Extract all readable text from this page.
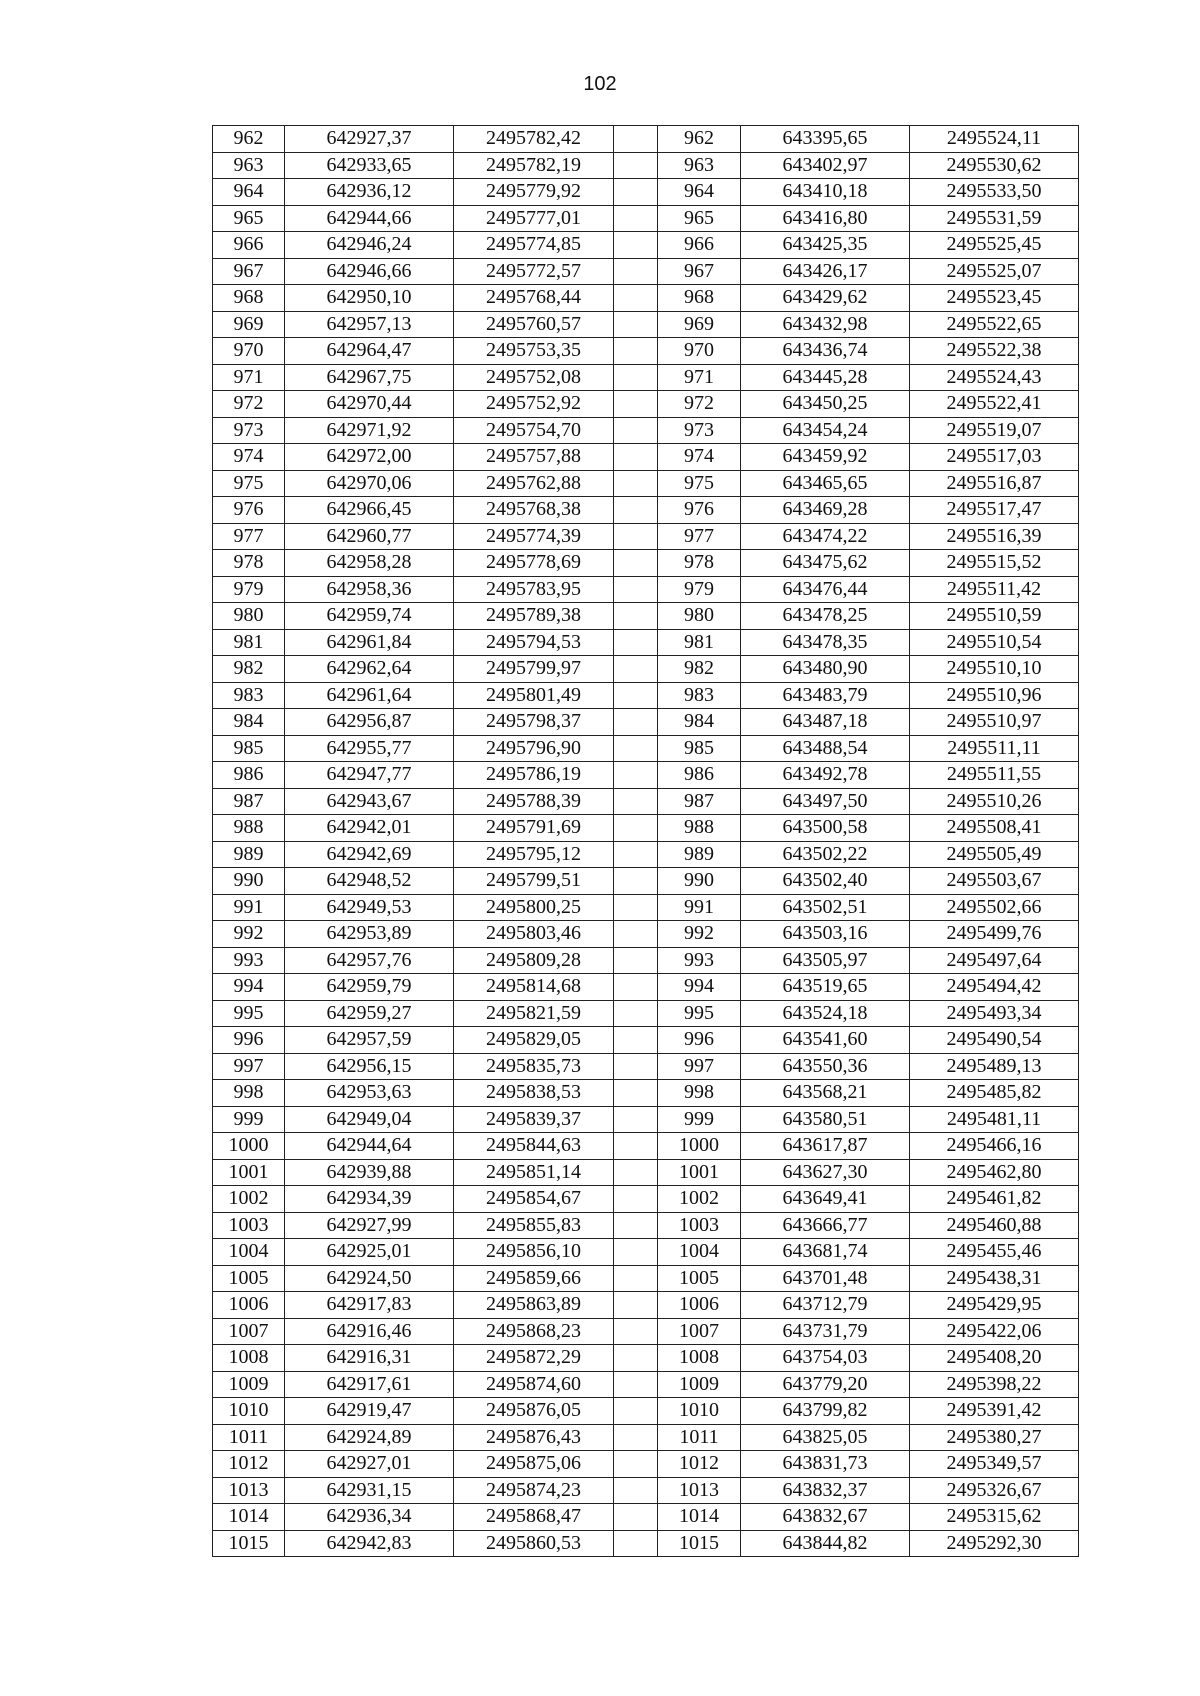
102
962	642927,37	2495782,42		962	643395,65	2495524,11
963	642933,65	2495782,19		963	643402,97	2495530,62
964	642936,12	2495779,92		964	643410,18	2495533,50
965	642944,66	2495777,01		965	643416,80	2495531,59
966	642946,24	2495774,85		966	643425,35	2495525,45
967	642946,66	2495772,57		967	643426,17	2495525,07
968	642950,10	2495768,44		968	643429,62	2495523,45
969	642957,13	2495760,57		969	643432,98	2495522,65
970	642964,47	2495753,35		970	643436,74	2495522,38
971	642967,75	2495752,08		971	643445,28	2495524,43
972	642970,44	2495752,92		972	643450,25	2495522,41
973	642971,92	2495754,70		973	643454,24	2495519,07
974	642972,00	2495757,88		974	643459,92	2495517,03
975	642970,06	2495762,88		975	643465,65	2495516,87
976	642966,45	2495768,38		976	643469,28	2495517,47
977	642960,77	2495774,39		977	643474,22	2495516,39
978	642958,28	2495778,69		978	643475,62	2495515,52
979	642958,36	2495783,95		979	643476,44	2495511,42
980	642959,74	2495789,38		980	643478,25	2495510,59
981	642961,84	2495794,53		981	643478,35	2495510,54
982	642962,64	2495799,97		982	643480,90	2495510,10
983	642961,64	2495801,49		983	643483,79	2495510,96
984	642956,87	2495798,37		984	643487,18	2495510,97
985	642955,77	2495796,90		985	643488,54	2495511,11
986	642947,77	2495786,19		986	643492,78	2495511,55
987	642943,67	2495788,39		987	643497,50	2495510,26
988	642942,01	2495791,69		988	643500,58	2495508,41
989	642942,69	2495795,12		989	643502,22	2495505,49
990	642948,52	2495799,51		990	643502,40	2495503,67
991	642949,53	2495800,25		991	643502,51	2495502,66
992	642953,89	2495803,46		992	643503,16	2495499,76
993	642957,76	2495809,28		993	643505,97	2495497,64
994	642959,79	2495814,68		994	643519,65	2495494,42
995	642959,27	2495821,59		995	643524,18	2495493,34
996	642957,59	2495829,05		996	643541,60	2495490,54
997	642956,15	2495835,73		997	643550,36	2495489,13
998	642953,63	2495838,53		998	643568,21	2495485,82
999	642949,04	2495839,37		999	643580,51	2495481,11
1000	642944,64	2495844,63		1000	643617,87	2495466,16
1001	642939,88	2495851,14		1001	643627,30	2495462,80
1002	642934,39	2495854,67		1002	643649,41	2495461,82
1003	642927,99	2495855,83		1003	643666,77	2495460,88
1004	642925,01	2495856,10		1004	643681,74	2495455,46
1005	642924,50	2495859,66		1005	643701,48	2495438,31
1006	642917,83	2495863,89		1006	643712,79	2495429,95
1007	642916,46	2495868,23		1007	643731,79	2495422,06
1008	642916,31	2495872,29		1008	643754,03	2495408,20
1009	642917,61	2495874,60		1009	643779,20	2495398,22
1010	642919,47	2495876,05		1010	643799,82	2495391,42
1011	642924,89	2495876,43		1011	643825,05	2495380,27
1012	642927,01	2495875,06		1012	643831,73	2495349,57
1013	642931,15	2495874,23		1013	643832,37	2495326,67
1014	642936,34	2495868,47		1014	643832,67	2495315,62
1015	642942,83	2495860,53		1015	643844,82	2495292,30
